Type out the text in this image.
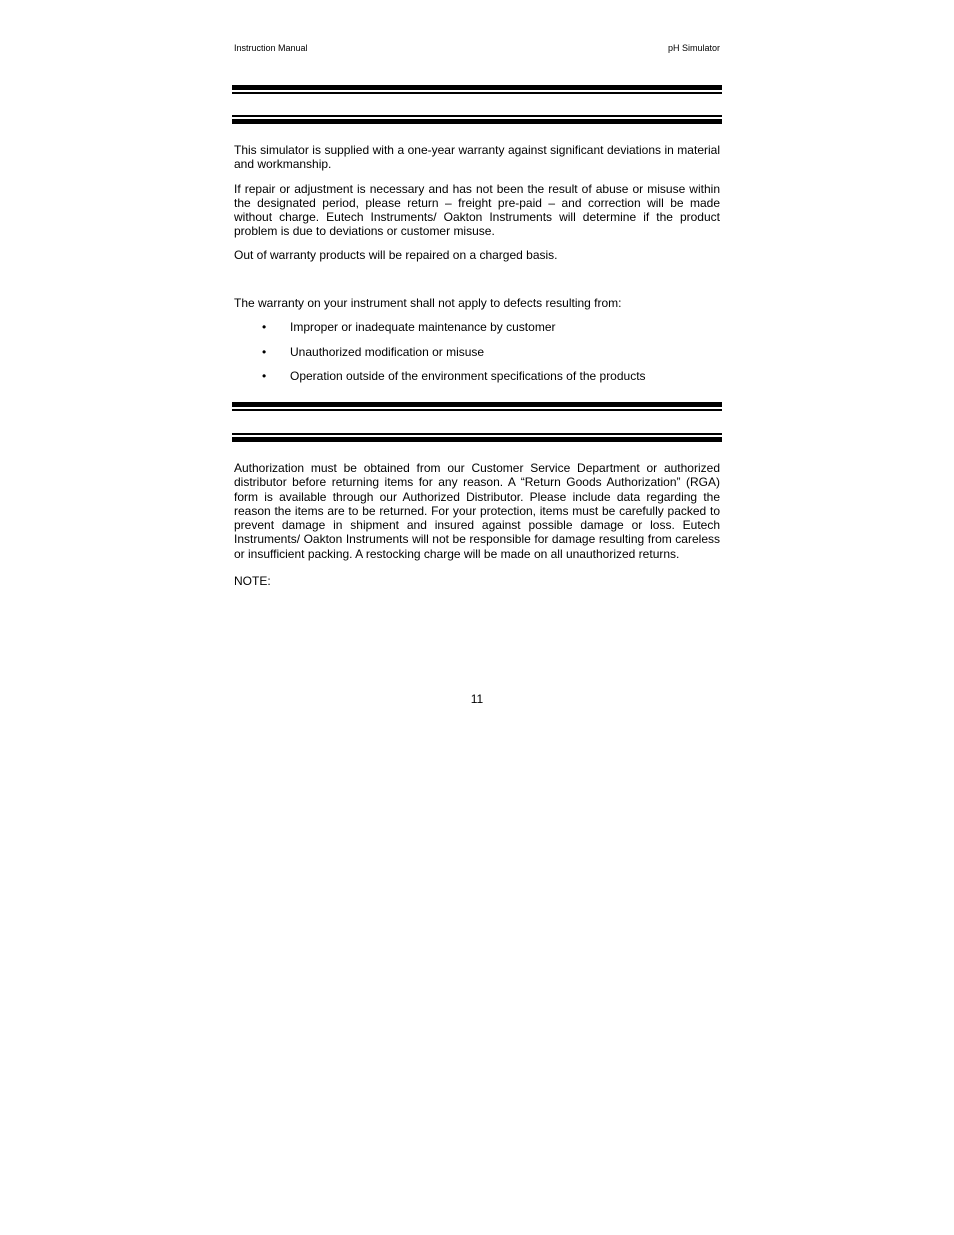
Instruction Manual	pH Simulator

This simulator is supplied with a one-year warranty against significant deviations in material and workmanship.

If repair or adjustment is necessary and has not been the result of abuse or misuse within the designated period, please return – freight pre-paid – and correction will be made without charge. Eutech Instruments/ Oakton Instruments will determine if the product problem is due to deviations or customer misuse.

Out of warranty products will be repaired on a charged basis.

The warranty on your instrument shall not apply to defects resulting from:
• Improper or inadequate maintenance by customer
• Unauthorized modification or misuse
• Operation outside of the environment specifications of the products

Authorization must be obtained from our Customer Service Department or authorized distributor before returning items for any reason. A “Return Goods Authorization” (RGA) form is available through our Authorized Distributor. Please include data regarding the reason the items are to be returned. For your protection, items must be carefully packed to prevent damage in shipment and insured against possible damage or loss. Eutech Instruments/ Oakton Instruments will not be responsible for damage resulting from careless or insufficient packing. A restocking charge will be made on all unauthorized returns.

NOTE:

11
